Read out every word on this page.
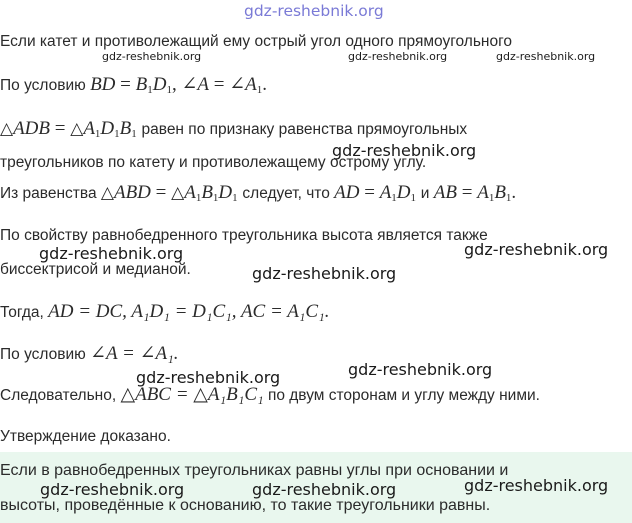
gdz-reshebnik.org
Если катет и противолежащий ему острый угол одного прямоугольного
gdz-reshebnik.org	gdz-reshebnik.org	gdz-reshebnik.org
По условию BD = $B_1D_1$, ∠A = $\angle A_1$.
△ADB = $\triangle A_1D_1B_1$ равен по признаку равенства прямоугольных
gdz-reshebnik.org
треугольников по катету и противолежащему острому углу.
Из равенства △ABD = $\triangle A_1B_1D_1$ следует, что AD = $A_1D_1$ и AB = $A_1B_1$.
По свойству равнобедренного треугольника высота является также
gdz-reshebnik.org	gdz-reshebnik.org
биссектрисой и медианой.	gdz-reshebnik.org
Тогда, AD = DC, A₁D₁ = D₁C₁, AC = A₁C₁.
По условию ∠A = ∠A₁.
gdz-reshebnik.org
gdz-reshebnik.org
Следовательно, △ABC = △A₁B₁C₁ по двум сторонам и углу между ними.
Утверждение доказано.
Если в равнобедренных треугольниках равны углы при основании и
gdz-reshebnik.org	gdz-reshebnik.org	gdz-reshebnik.org
высоты, проведённые к основанию, то такие треугольники равны.
